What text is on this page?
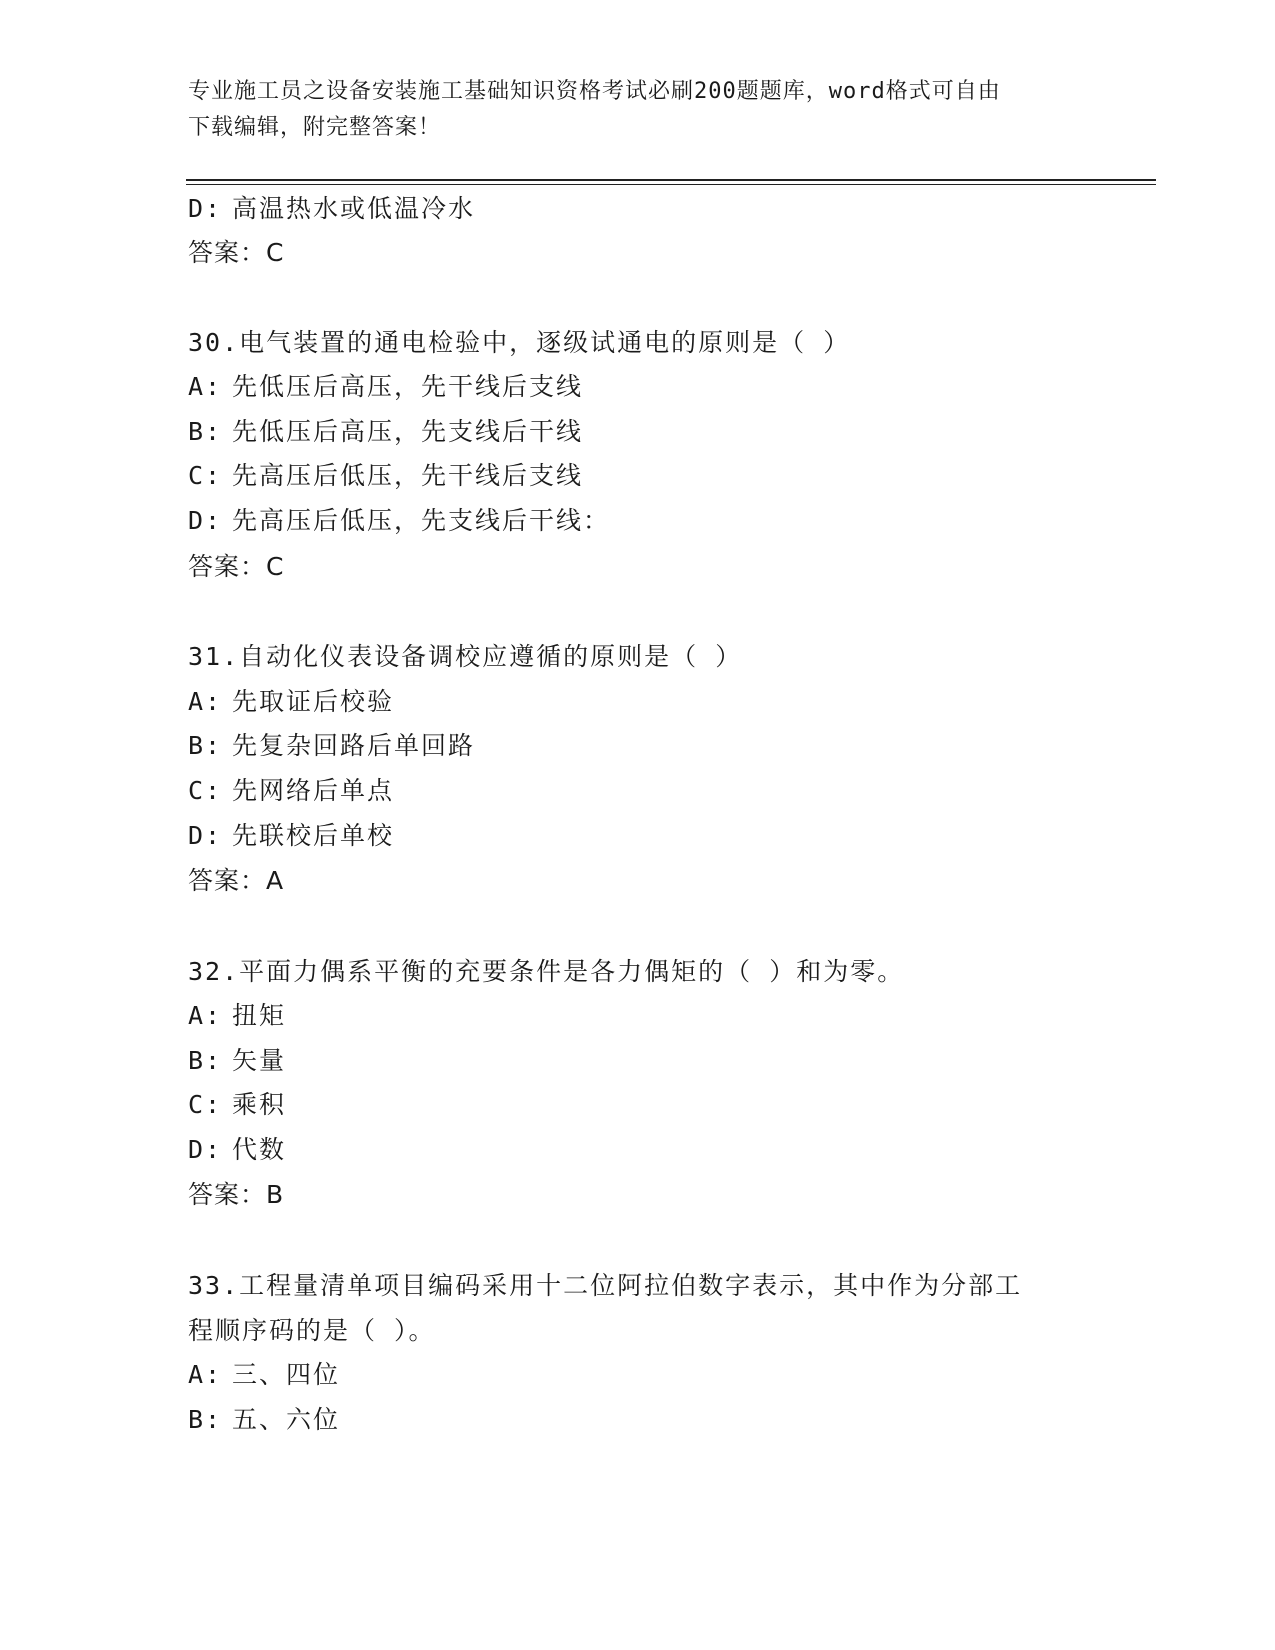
专业施工员之设备安装施工基础知识资格考试必刷200题题库，word格式可自由
下载编辑，附完整答案！
D: 高温热水或低温冷水
答案：C
30.电气装置的通电检验中，逐级试通电的原则是（ ）
A: 先低压后高压，先干线后支线
B: 先低压后高压，先支线后干线
C: 先高压后低压，先干线后支线
D: 先高压后低压，先支线后干线：
答案：C
31.自动化仪表设备调校应遵循的原则是（ ）
A: 先取证后校验
B: 先复杂回路后单回路
C: 先网络后单点
D: 先联校后单校
答案：A
32.平面力偶系平衡的充要条件是各力偶矩的（ ）和为零。
A: 扭矩
B: 矢量
C: 乘积
D: 代数
答案：B
33.工程量清单项目编码采用十二位阿拉伯数字表示，其中作为分部工
程顺序码的是（ ）。
A: 三、四位
B: 五、六位
